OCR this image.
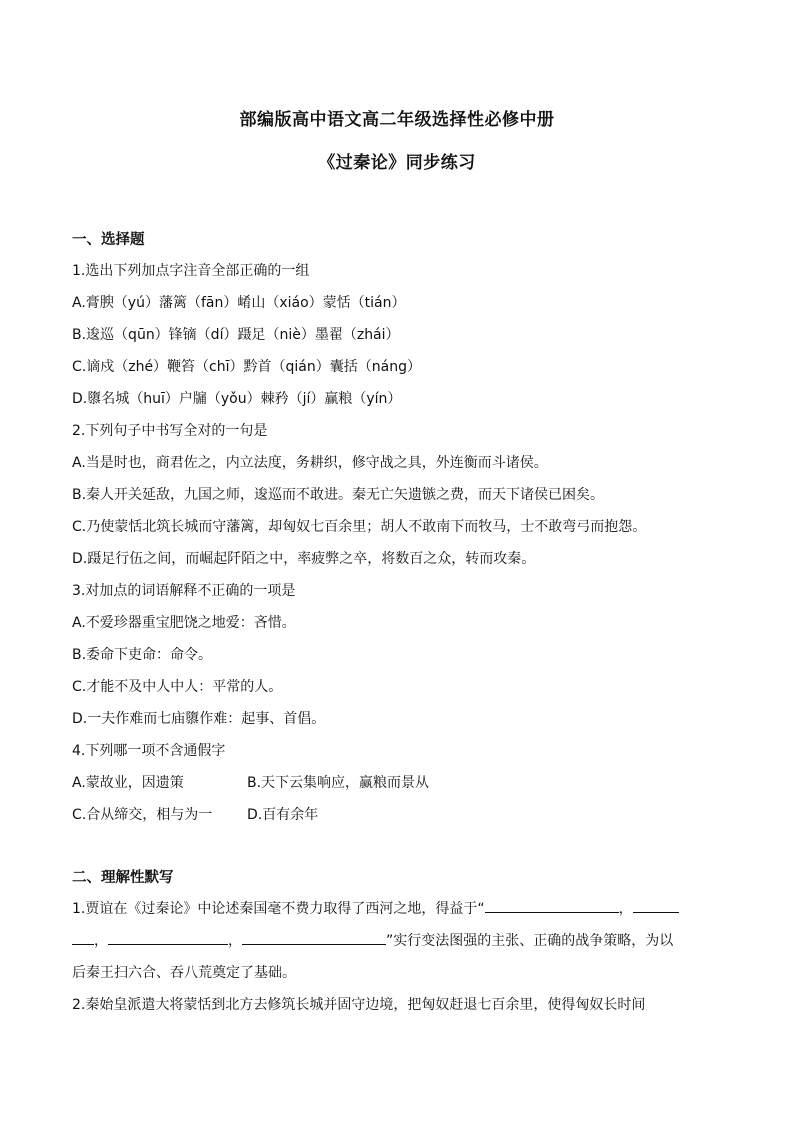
部编版高中语文高二年级选择性必修中册
《过秦论》同步练习
一、选择题
1.选出下列加点字注音全部正确的一组
A.膏腴（yú）藩篱（fān）崤山（xiáo）蒙恬（tián）
B.逡巡（qūn）锋镝（dí）蹑足（niè）墨翟（zhái）
C.谪戍（zhé）鞭笞（chī）黔首（qián）囊括（náng）
D.隳名城（huī）户牖（yǒu）棘矜（jí）赢粮（yín）
2.下列句子中书写全对的一句是
A.当是时也，商君佐之，内立法度，务耕织，修守战之具，外连衡而斗诸侯。
B.秦人开关延敌，九国之师，逡巡而不敢进。秦无亡矢遗镞之费，而天下诸侯已困矣。
C.乃使蒙恬北筑长城而守藩篱，却匈奴七百余里；胡人不敢南下而牧马，士不敢弯弓而抱怨。
D.蹑足行伍之间，而崛起阡陌之中，率疲弊之卒，将数百之众，转而攻秦。
3.对加点的词语解释不正确的一项是
A.不爱珍器重宝肥饶之地爱：吝惜。
B.委命下吏命：命令。
C.才能不及中人中人：平常的人。
D.一夫作难而七庙隳作难：起事、首倡。
4.下列哪一项不含通假字
A.蒙故业，因遗策	B.天下云集响应，赢粮而景从
C.合从缔交，相与为一 D.百有余年
二、理解性默写
1.贾谊在《过秦论》中论述秦国毫不费力取得了西河之地，得益于“	，
，	，	”实行变法图强的主张、正确的战争策略，为以
后秦王扫六合、吞八荒奠定了基础。
2.秦始皇派遣大将蒙恬到北方去修筑长城并固守边境，把匈奴赶退七百余里，使得匈奴长时间
